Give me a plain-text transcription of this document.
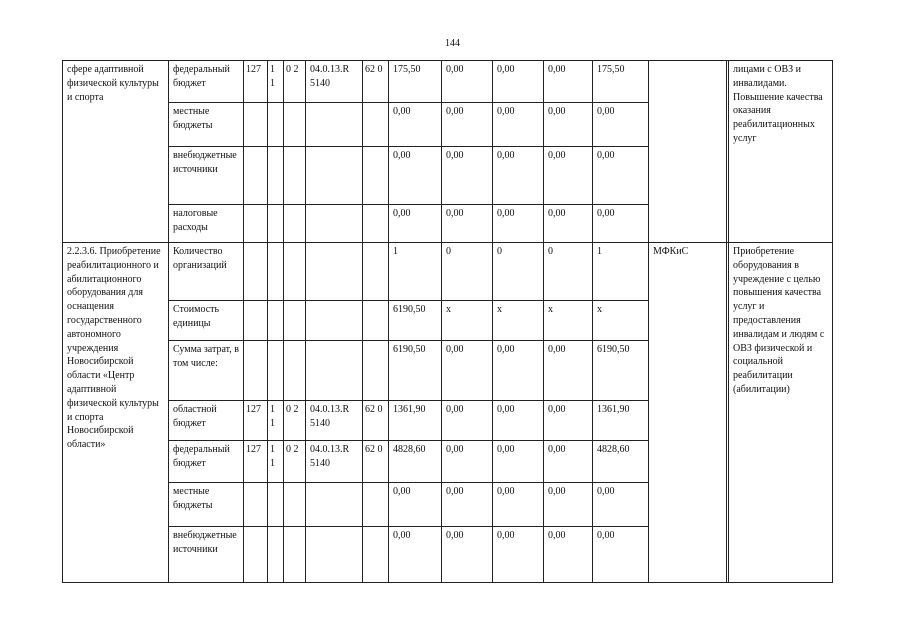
144
сфере адаптивной физической культуры и спорта	федеральный бюджет	127	1 1	0 2	04.0.13.R 5140	62 0	175,50	0,00	0,00	0,00	175,50			лицами с ОВЗ и инвалидами. Повышение качества оказания реабилитационных услуг
	местные бюджеты						0,00	0,00	0,00	0,00	0,00			
	внебюджетные источники						0,00	0,00	0,00	0,00	0,00			
	налоговые расходы						0,00	0,00	0,00	0,00	0,00			
2.2.3.6. Приобретение реабилитационного и абилитационного оборудования для оснащения государственного автономного учреждения Новосибирской области «Центр адаптивной физической культуры и спорта Новосибирской области»	Количество организаций						1	0	0	0	1	МФКиС		Приобретение оборудования в учреждение с целью повышения качества услуг и предоставления инвалидам и людям с ОВЗ физической и социальной реабилитации (абилитации)
	Стоимость единицы						6190,50	х	х	х	х			
	Сумма затрат, в том числе:						6190,50	0,00	0,00	0,00	6190,50			
	областной бюджет	127	1 1	0 2	04.0.13.R 5140	62 0	1361,90	0,00	0,00	0,00	1361,90			
	федеральный бюджет	127	1 1	0 2	04.0.13.R 5140	62 0	4828,60	0,00	0,00	0,00	4828,60			
	местные бюджеты						0,00	0,00	0,00	0,00	0,00			
	внебюджетные источники						0,00	0,00	0,00	0,00	0,00			
